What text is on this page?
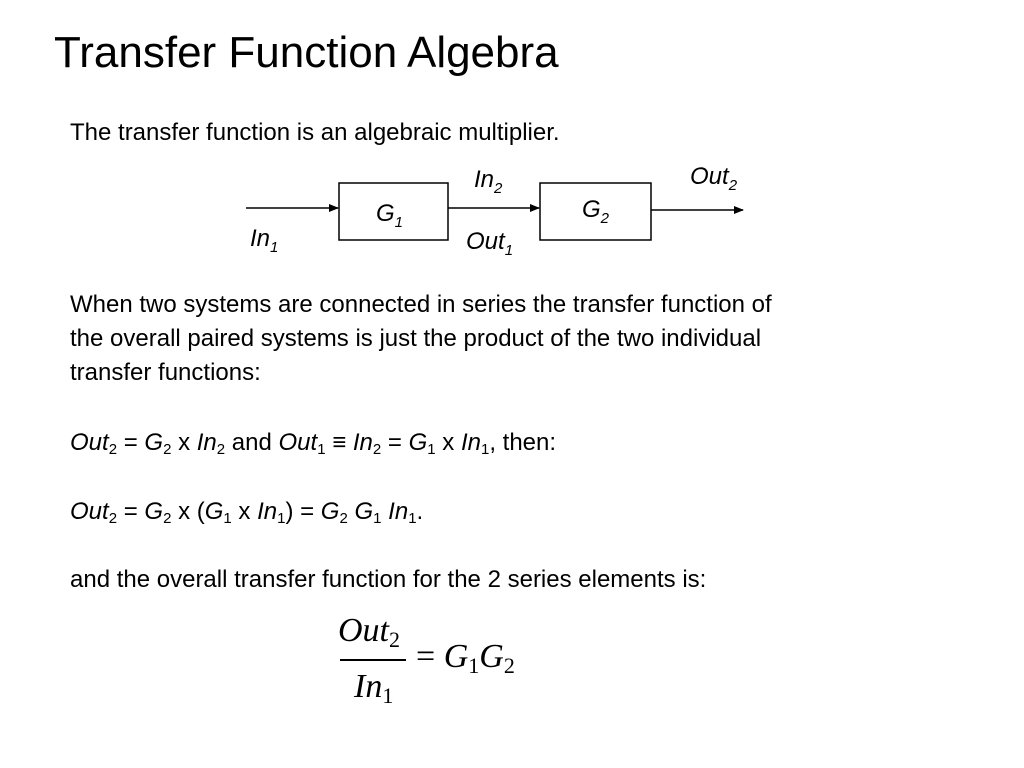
Transfer Function Algebra
The transfer function is an algebraic multiplier.
$G_1$	$G_2$
$In_1$
$In_2$
Out$_1$
Out$_2$
When two systems are connected in series the transfer function of
the overall paired systems is just the product of the two individual
transfer functions:
$Out_2 = G_2$ x $In_2$ and $Out_1 \equiv In_2 = G_1$ x $In_1$, then:
$Out_2 = G_2$ x ($G_1$ x $In_1) = G_2$ $G_1$ $In_1$.
and the overall transfer function for the 2 series elements is:
Out$_2$
$In_1$
= $G_1G_2$
